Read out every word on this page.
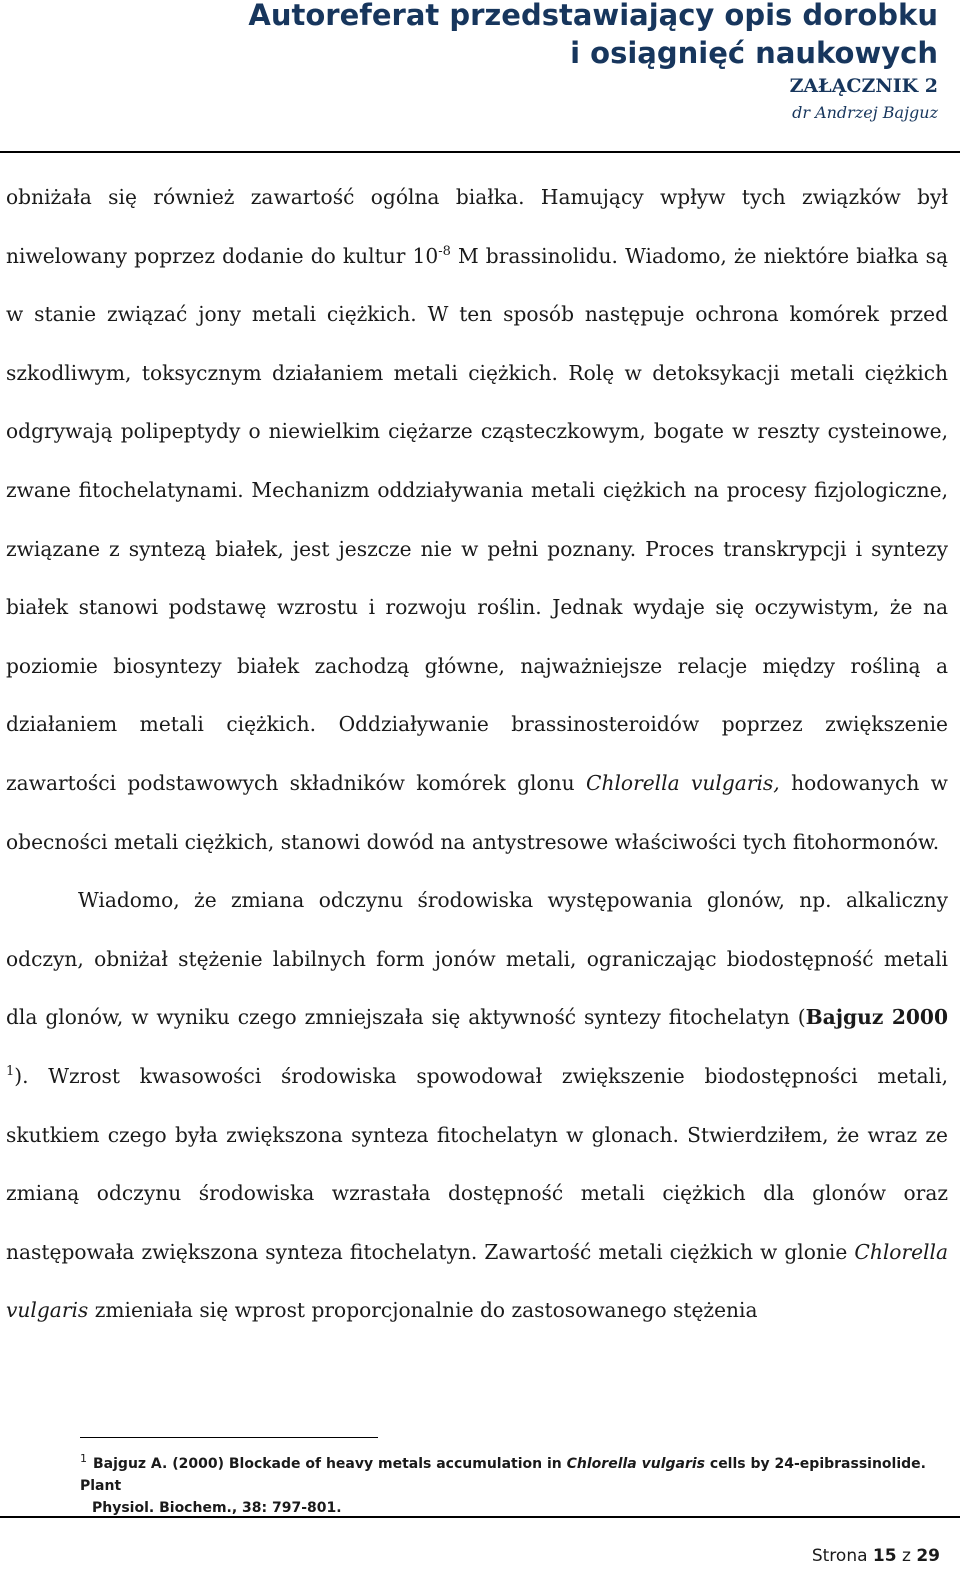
Autoreferat przedstawiający opis dorobku
i osiągnięć naukowych
ZAŁĄCZNIK 2
dr Andrzej Bajguz

obniżała się również zawartość ogólna białka. Hamujący wpływ tych związków był niwelowany poprzez dodanie do kultur $10^{-8}$ M brassinolidu. Wiadomo, że niektóre białka są w stanie związać jony metali ciężkich. W ten sposób następuje ochrona komórek przed szkodliwym, toksycznym działaniem metali ciężkich. Rolę w detoksykacji metali ciężkich odgrywają polipeptydy o niewielkim ciężarze cząsteczkowym, bogate w reszty cysteinowe, zwane fitochelatynami. Mechanizm oddziaływania metali ciężkich na procesy fizjologiczne, związane z syntezą białek, jest jeszcze nie w pełni poznany. Proces transkrypcji i syntezy białek stanowi podstawę wzrostu i rozwoju roślin. Jednak wydaje się oczywistym, że na poziomie biosyntezy białek zachodzą główne, najważniejsze relacje między rośliną a działaniem metali ciężkich. Oddziaływanie brassinosteroidów poprzez zwiększenie zawartości podstawowych składników komórek glonu Chlorella vulgaris, hodowanych w obecności metali ciężkich, stanowi dowód na antystresowe właściwości tych fitohormonów.

Wiadomo, że zmiana odczynu środowiska występowania glonów, np. alkaliczny odczyn, obniżał stężenie labilnych form jonów metali, ograniczając biodostępność metali dla glonów, w wyniku czego zmniejszała się aktywność syntezy fitochelatyn (Bajguz 2000 $^1$). Wzrost kwasowości środowiska spowodował zwiększenie biodostępności metali, skutkiem czego była zwiększona synteza fitochelatyn w glonach. Stwierdziłem, że wraz ze zmianą odczynu środowiska wzrastała dostępność metali ciężkich dla glonów oraz następowała zwiększona synteza fitochelatyn. Zawartość metali ciężkich w glonie Chlorella vulgaris zmieniała się wprost proporcjonalnie do zastosowanego stężenia

$^1$ Bajguz A. (2000) Blockade of heavy metals accumulation in Chlorella vulgaris cells by 24-epibrassinolide. Plant
Physiol. Biochem., 38: 797-801.
Strona 15 z 29
